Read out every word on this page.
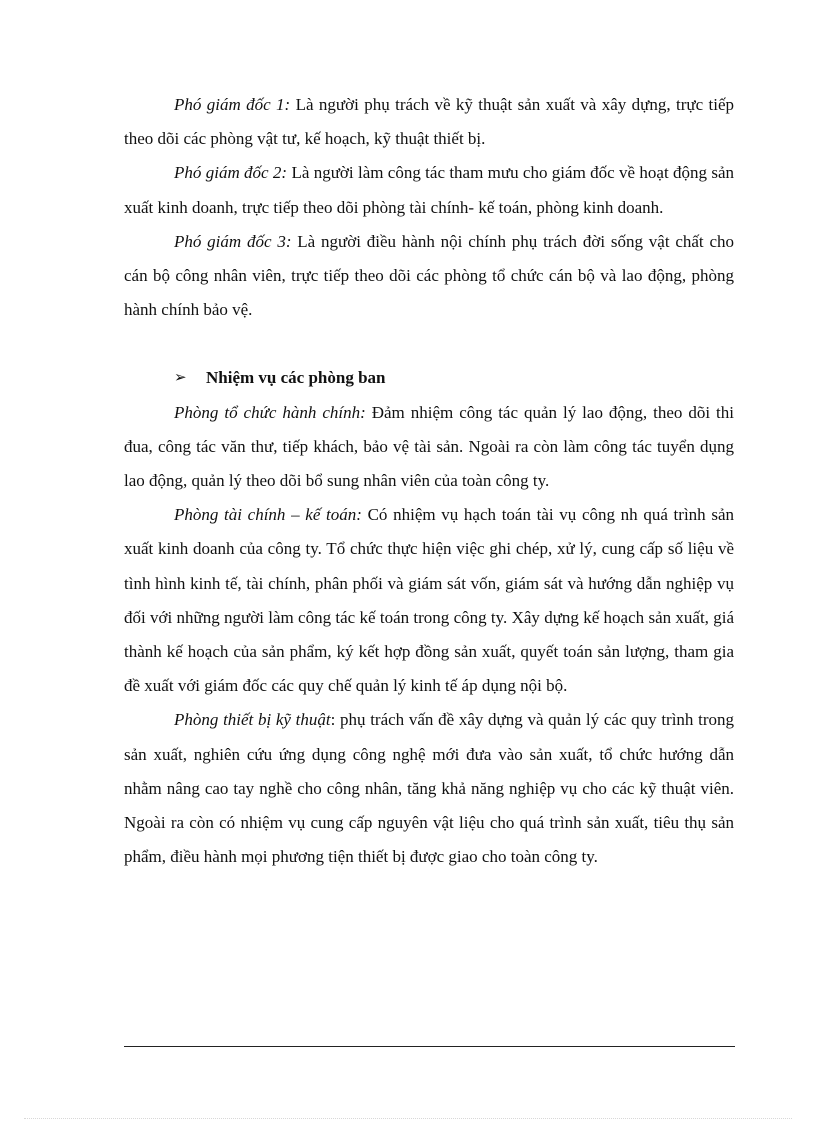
Phó giám đốc 1: Là người phụ trách về kỹ thuật sản xuất và xây dựng, trực tiếp theo dõi các phòng vật tư, kế hoạch, kỹ thuật thiết bị.

Phó giám đốc 2: Là người làm công tác tham mưu cho giám đốc về hoạt động sản xuất kinh doanh, trực tiếp theo dõi phòng tài chính- kế toán, phòng kinh doanh.

Phó giám đốc 3: Là người điều hành nội chính phụ trách đời sống vật chất cho cán bộ công nhân viên, trực tiếp theo dõi các phòng tổ chức cán bộ và lao động, phòng hành chính bảo vệ.

➢	Nhiệm vụ các phòng ban

Phòng tổ chức hành chính: Đảm nhiệm công tác quản lý lao động, theo dõi thi đua, công tác văn thư, tiếp khách, bảo vệ tài sản. Ngoài ra còn làm công tác tuyển dụng lao động, quản lý theo dõi bổ sung nhân viên của toàn công ty.

Phòng tài chính – kế toán: Có nhiệm vụ hạch toán tài vụ công nh quá trình sản xuất kinh doanh của công ty. Tổ chức thực hiện việc ghi chép, xử lý, cung cấp số liệu về tình hình kinh tế, tài chính, phân phối và giám sát vốn, giám sát và hướng dẫn nghiệp vụ đối với những người làm công tác kế toán trong công ty. Xây dựng kế hoạch sản xuất, giá thành kế hoạch của sản phẩm, ký kết hợp đồng sản xuất, quyết toán sản lượng, tham gia đề xuất với giám đốc các quy chế quản lý kinh tế áp dụng nội bộ.

Phòng thiết bị kỹ thuật: phụ trách vấn đề xây dựng và quản lý các quy trình trong sản xuất, nghiên cứu ứng dụng công nghệ mới đưa vào sản xuất, tổ chức hướng dẫn nhằm nâng cao tay nghề cho công nhân, tăng khả năng nghiệp vụ cho các kỹ thuật viên. Ngoài ra còn có nhiệm vụ cung cấp nguyên vật liệu cho quá trình sản xuất, tiêu thụ sản phẩm, điều hành mọi phương tiện thiết bị được giao cho toàn công ty.
